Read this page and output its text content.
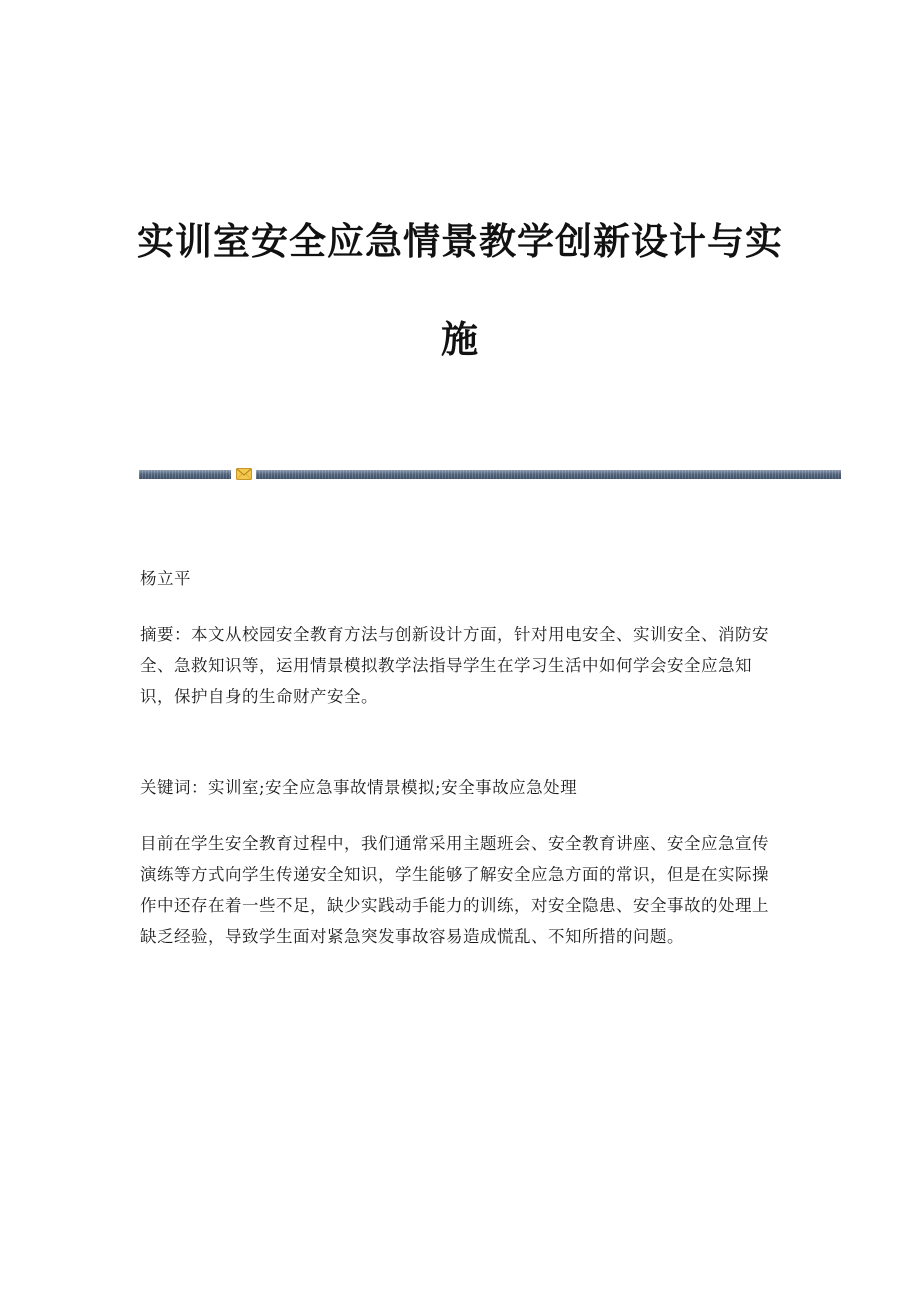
实训室安全应急情景教学创新设计与实
施

杨立平

摘要：本文从校园安全教育方法与创新设计方面，针对用电安全、实训安全、消防安全、急救知识等，运用情景模拟教学法指导学生在学习生活中如何学会安全应急知识，保护自身的生命财产安全。

关键词：实训室;安全应急事故情景模拟;安全事故应急处理

目前在学生安全教育过程中，我们通常采用主题班会、安全教育讲座、安全应急宣传演练等方式向学生传递安全知识，学生能够了解安全应急方面的常识，但是在实际操作中还存在着一些不足，缺少实践动手能力的训练，对安全隐患、安全事故的处理上缺乏经验，导致学生面对紧急突发事故容易造成慌乱、不知所措的问题。
